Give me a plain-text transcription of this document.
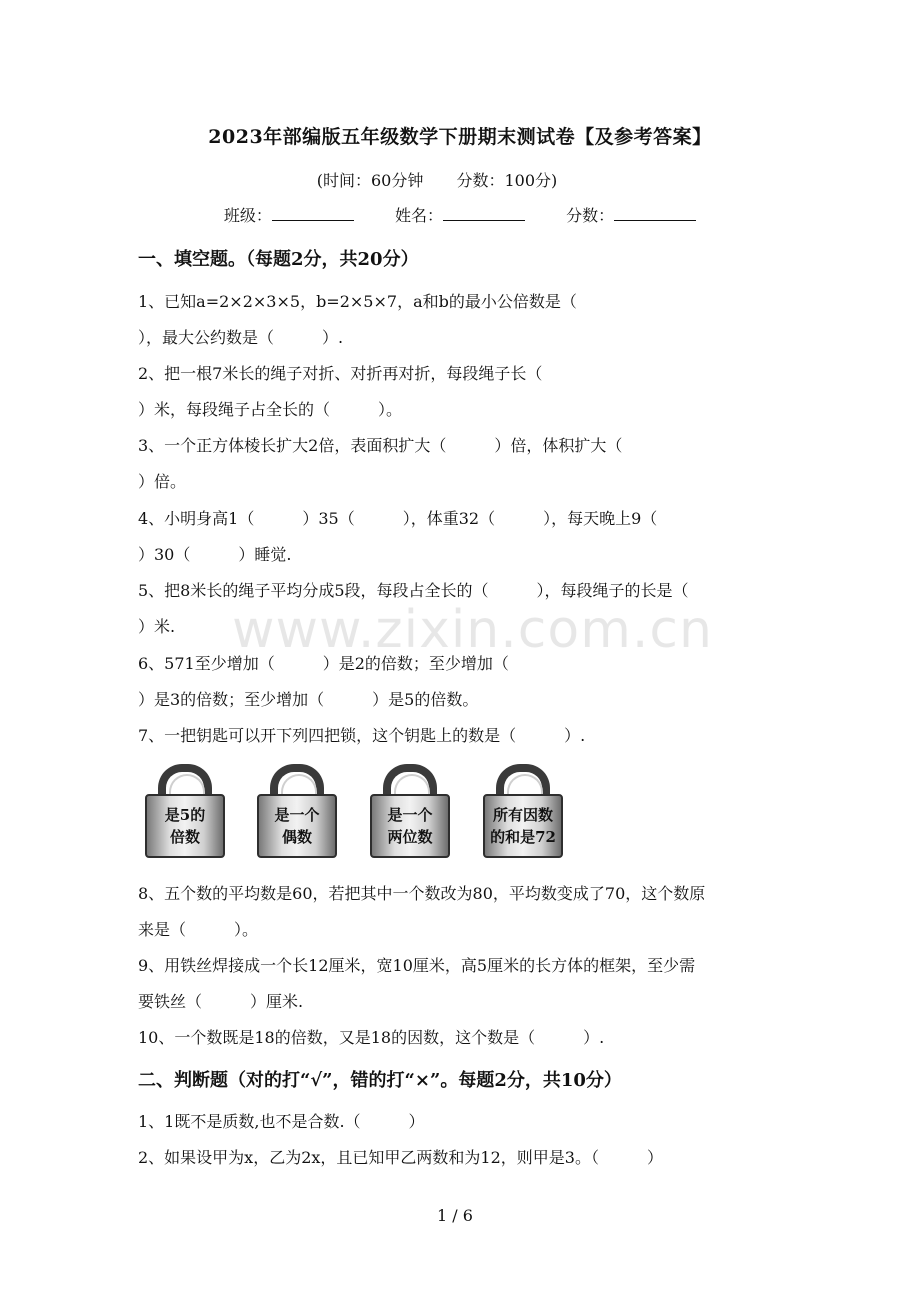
www.zixin.com.cn
2023年部编版五年级数学下册期末测试卷【及参考答案】
(时间：60分钟 分数：100分)
班级：	姓名：	分数：
一、填空题。（每题2分，共20分）
1、已知a=2×2×3×5，b=2×5×7，a和b的最小公倍数是（
），最大公约数是（　　　）.
2、把一根7米长的绳子对折、对折再对折，每段绳子长（
）米，每段绳子占全长的（　　　）。
3、一个正方体棱长扩大2倍，表面积扩大（　　　）倍，体积扩大（
）倍。
4、小明身高1（　　　）35（　　　），体重32（　　　），每天晚上9（
）30（　　　）睡觉.
5、把8米长的绳子平均分成5段，每段占全长的（　　　），每段绳子的长是（
）米.
6、571至少增加（　　　）是2的倍数；至少增加（
）是3的倍数；至少增加（　　　）是5的倍数。
7、一把钥匙可以开下列四把锁，这个钥匙上的数是（　　　）.
是5的
倍数
是一个
偶数
是一个
两位数
所有因数
的和是72
8、五个数的平均数是60，若把其中一个数改为80，平均数变成了70，这个数原
来是（　　　）。
9、用铁丝焊接成一个长12厘米，宽10厘米，高5厘米的长方体的框架，至少需
要铁丝（　　　）厘米.
10、一个数既是18的倍数，又是18的因数，这个数是（　　　）.
二、判断题（对的打“√”，错的打“×”。每题2分，共10分）
1、1既不是质数,也不是合数.（　　　）
2、如果设甲为x，乙为2x，且已知甲乙两数和为12，则甲是3。（　　　）
1 / 6
